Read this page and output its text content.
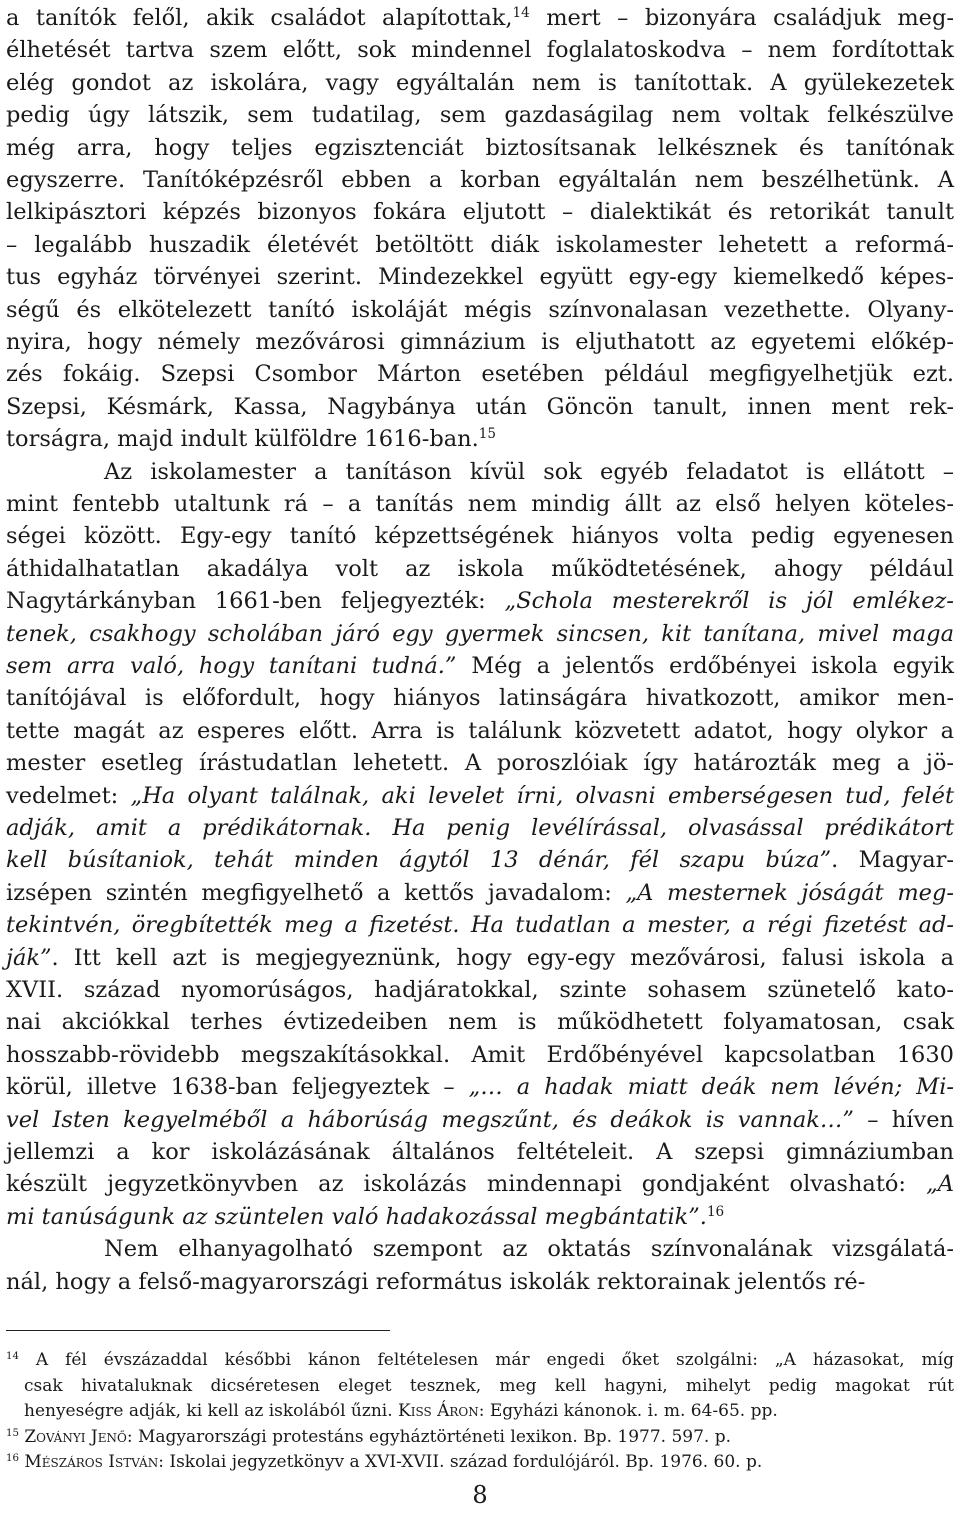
a tanítók felől, akik családot alapítottak,$^{14}$ mert – bizonyára családjuk meg-
élhetését tartva szem előtt, sok mindennel foglalatoskodva – nem fordítottak
elég gondot az iskolára, vagy egyáltalán nem is tanítottak. A gyülekezetek
pedig úgy látszik, sem tudatilag, sem gazdaságilag nem voltak felkészülve
még arra, hogy teljes egzisztenciát biztosítsanak lelkésznek és tanítónak
egyszerre. Tanítóképzésről ebben a korban egyáltalán nem beszélhetünk. A
lelkipásztori képzés bizonyos fokára eljutott – dialektikát és retorikát tanult
– legalább huszadik életévét betöltött diák iskolamester lehetett a reformá-
tus egyház törvényei szerint. Mindezekkel együtt egy-egy kiemelkedő képes-
ségű és elkötelezett tanító iskoláját mégis színvonalasan vezethette. Olyany-
nyira, hogy némely mezővárosi gimnázium is eljuthatott az egyetemi előkép-
zés fokáig. Szepsi Csombor Márton esetében például megfigyelhetjük ezt.
Szepsi, Késmárk, Kassa, Nagybánya után Göncön tanult, innen ment rek-
torságra, majd indult külföldre 1616-ban.$^{15}$
Az iskolamester a tanításon kívül sok egyéb feladatot is ellátott –
mint fentebb utaltunk rá – a tanítás nem mindig állt az első helyen köteles-
ségei között. Egy-egy tanító képzettségének hiányos volta pedig egyenesen
áthidalhatatlan akadálya volt az iskola működtetésének, ahogy például
Nagytárkányban 1661-ben feljegyezték: „Schola mesterekről is jól emlékez-
tenek, csakhogy scholában járó egy gyermek sincsen, kit tanítana, mivel maga
sem arra való, hogy tanítani tudná.” Még a jelentős erdőbényei iskola egyik
tanítójával is előfordult, hogy hiányos latinságára hivatkozott, amikor men-
tette magát az esperes előtt. Arra is találunk közvetett adatot, hogy olykor a
mester esetleg írástudatlan lehetett. A poroszlóiak így határozták meg a jö-
vedelmet: „Ha olyant találnak, aki levelet írni, olvasni emberségesen tud, felét
adják, amit a prédikátornak. Ha penig levélírással, olvasással prédikátort
kell búsítaniok, tehát minden ágytól 13 dénár, fél szapu búza”. Magyar-
izsépen szintén megfigyelhető a kettős javadalom: „A mesternek jóságát meg-
tekintvén, öregbítették meg a fizetést. Ha tudatlan a mester, a régi fizetést ad-
ják”. Itt kell azt is megjegyeznünk, hogy egy-egy mezővárosi, falusi iskola a
XVII. század nyomorúságos, hadjáratokkal, szinte sohasem szünetelő kato-
nai akciókkal terhes évtizedeiben nem is működhetett folyamatosan, csak
hosszabb-rövidebb megszakításokkal. Amit Erdőbényével kapcsolatban 1630
körül, illetve 1638-ban feljegyeztek – „… a hadak miatt deák nem lévén; Mi-
vel Isten kegyelméből a háborúság megszűnt, és deákok is vannak…” – híven
jellemzi a kor iskolázásának általános feltételeit. A szepsi gimnáziumban
készült jegyzetkönyvben az iskolázás mindennapi gondjaként olvasható: „A
mi tanúságunk az szüntelen való hadakozással megbántatik”.$^{16}$
Nem elhanyagolható szempont az oktatás színvonalának vizsgálatá-
nál, hogy a felső-magyarországi református iskolák rektorainak jelentős ré-
$^{14}$ A fél évszázaddal későbbi kánon feltételesen már engedi őket szolgálni: „A házasokat, míg
csak hivataluknak dicséretesen eleget tesznek, meg kell hagyni, mihelyt pedig magokat rút
henyeségre adják, ki kell az iskolából űzni. Kiss Áron: Egyházi kánonok. i. m. 64-65. pp.
$^{15}$ Zoványi Jenő: Magyarországi protestáns egyháztörténeti lexikon. Bp. 1977. 597. p.
$^{16}$ Mészáros István: Iskolai jegyzetkönyv a XVI-XVII. század fordulójáról. Bp. 1976. 60. p.
8
